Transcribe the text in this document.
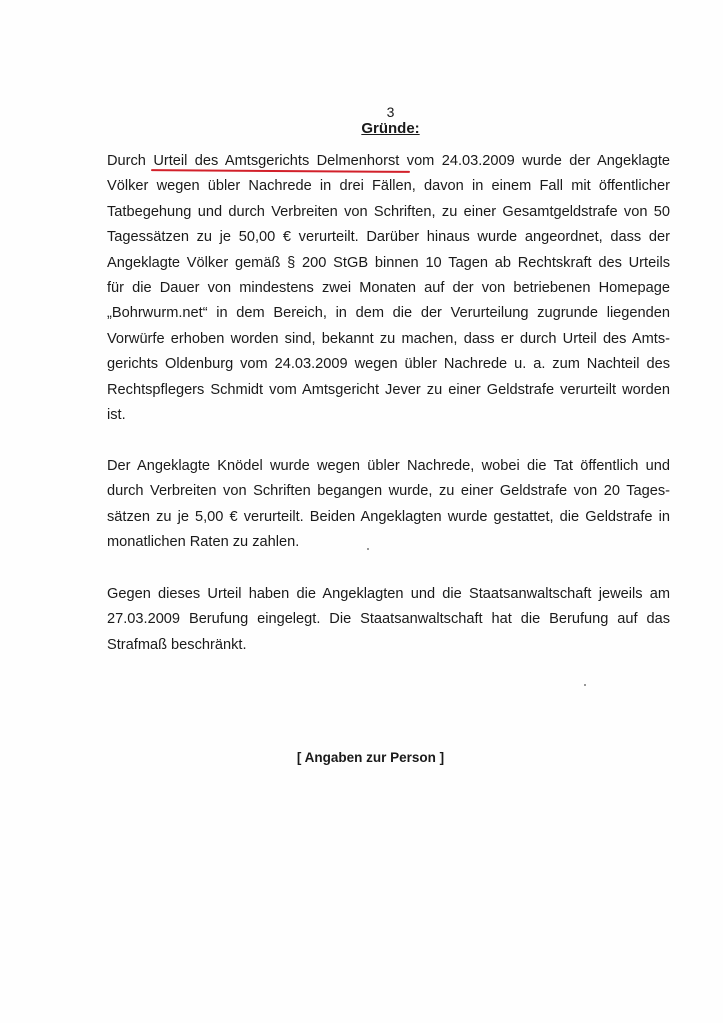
3
Gründe:
Durch Urteil des Amtsgerichts Delmenhorst
vom 24.03.2009 wurde der Angeklagte
Völker wegen übler Nachrede in drei Fällen, davon in einem Fall mit öffentlicher
Tatbegehung und durch Verbreiten von Schriften, zu einer Gesamtgeldstrafe von 50
Tagessätzen zu je 50,00 € verurteilt. Darüber hinaus wurde angeordnet, dass der
Angeklagte Völker gemäß § 200 StGB binnen 10 Tagen ab Rechtskraft des Urteils
für die Dauer von mindestens zwei Monaten auf der von betriebenen Homepage
„Bohrwurm.net“ in dem Bereich, in dem die der Verurteilung zugrunde liegenden
Vorwürfe erhoben worden sind, bekannt zu machen, dass er durch Urteil des Amts-
gerichts Oldenburg vom 24.03.2009 wegen übler Nachrede u. a. zum Nachteil des
Rechtspflegers Schmidt vom Amtsgericht Jever zu einer Geldstrafe verurteilt worden
ist.
Der Angeklagte Knödel wurde wegen übler Nachrede, wobei die Tat öffentlich und
durch Verbreiten von Schriften begangen wurde, zu einer Geldstrafe von 20 Tages-
sätzen zu je 5,00 € verurteilt. Beiden Angeklagten wurde gestattet, die Geldstrafe in
monatlichen Raten zu zahlen.
Gegen dieses Urteil haben die Angeklagten und die Staatsanwaltschaft jeweils am
27.03.2009 Berufung eingelegt. Die Staatsanwaltschaft hat die Berufung auf das
Strafmaß beschränkt.
[ Angaben zur Person ]
